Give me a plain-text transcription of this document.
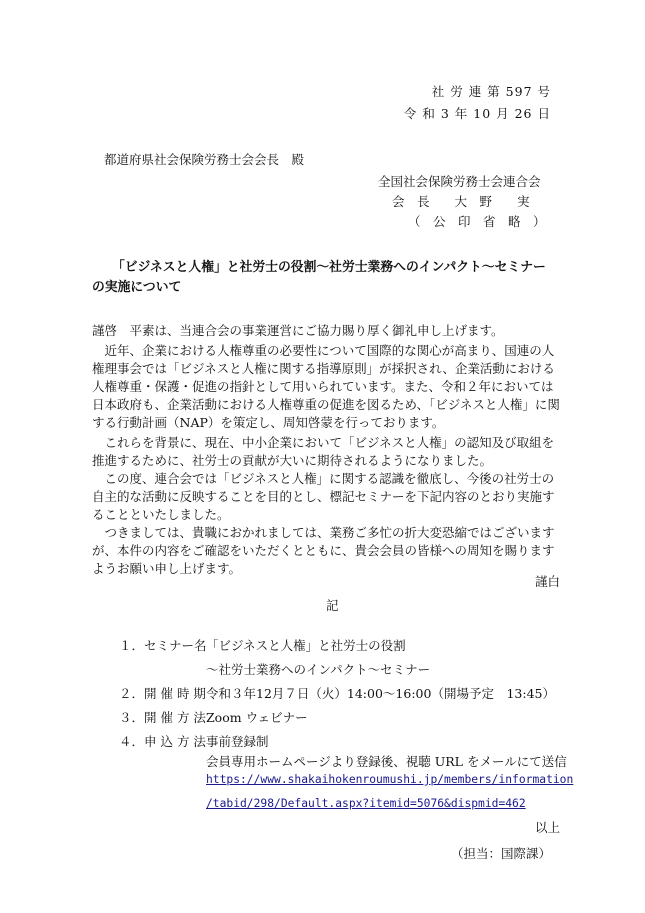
社 労 連 第 597 号
令 和 3 年 10 月 26 日
都道府県社会保険労務士会会長　殿
全国社会保険労務士会連合会
会　長　　大　野　　実
（　公　印　省　略　）
「ビジネスと人権」と社労士の役割～社労士業務へのインパクト～セミナー
の実施について
謹啓　平素は、当連合会の事業運営にご協力賜り厚く御礼申し上げます。
　近年、企業における人権尊重の必要性について国際的な関心が高まり、国連の人権理事会では「ビジネスと人権に関する指導原則」が採択され、企業活動における人権尊重・保護・促進の指針として用いられています。また、令和２年においては日本政府も、企業活動における人権尊重の促進を図るため、「ビジネスと人権」に関する行動計画（NAP）を策定し、周知啓蒙を行っております。
　これらを背景に、現在、中小企業において「ビジネスと人権」の認知及び取組を推進するために、社労士の貢献が大いに期待されるようになりました。
　この度、連合会では「ビジネスと人権」に関する認識を徹底し、今後の社労士の自主的な活動に反映することを目的とし、標記セミナーを下記内容のとおり実施することといたしました。
　つきましては、貴職におかれましては、業務ご多忙の折大変恐縮ではございますが、本件の内容をご確認をいただくとともに、貴会会員の皆様への周知を賜りますようお願い申し上げます。
謹白
記
１．セミナー名 「ビジネスと人権」と社労士の役割
～社労士業務へのインパクト～セミナー
２．開 催 時 期 令和３年12月７日（火）14:00～16:00（開場予定　13:45）
３．開 催 方 法 Zoom ウェビナー
４．申 込 方 法 事前登録制
会員専用ホームページより登録後、視聴 URL をメールにて送信
https://www.shakaihokenroumushi.jp/members/information
/tabid/298/Default.aspx?itemid=5076&dispmid=462
以上
（担当：国際課）
